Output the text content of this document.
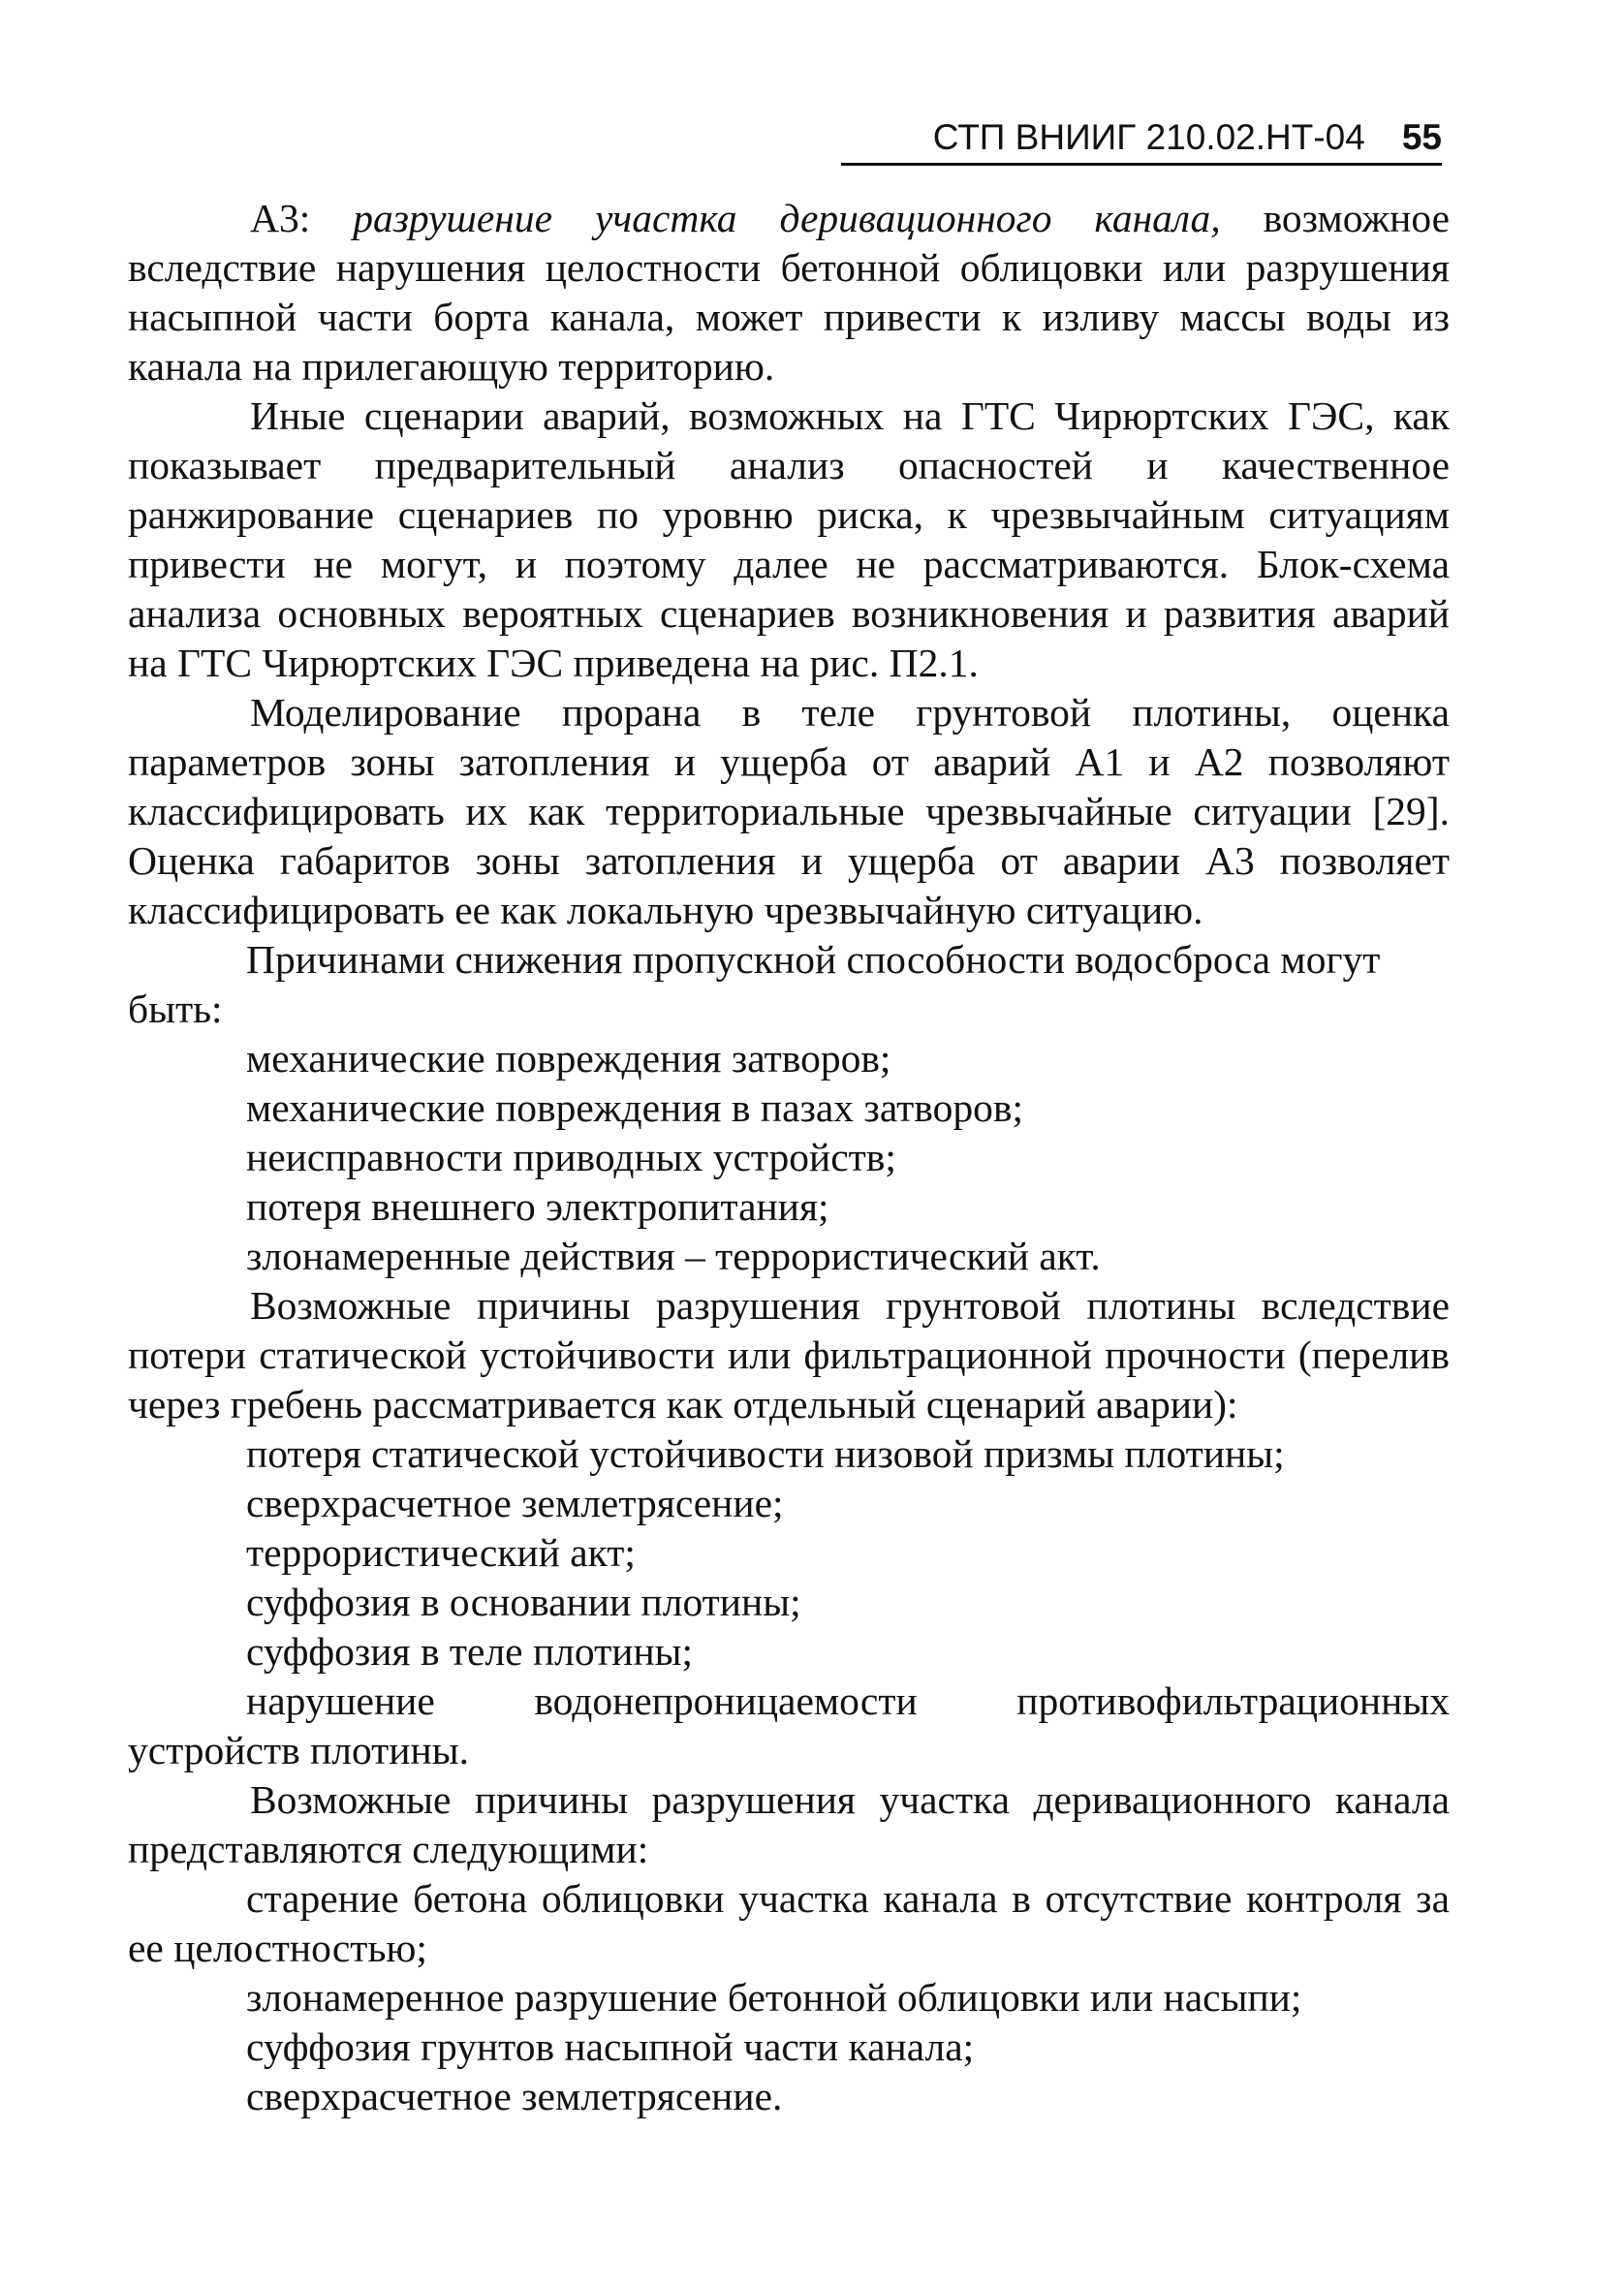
СТП ВНИИГ 210.02.НТ-04 55

А3: разрушение участка деривационного канала, возможное вследствие нарушения целостности бетонной облицовки или разрушения насыпной части борта канала, может привести к изливу массы воды из канала на прилегающую территорию.

Иные сценарии аварий, возможных на ГТС Чирюртских ГЭС, как показывает предварительный анализ опасностей и качественное ранжирование сценариев по уровню риска, к чрезвычайным ситуациям привести не могут, и поэтому далее не рассматриваются. Блок-схема анализа основных вероятных сценариев возникновения и развития аварий на ГТС Чирюртских ГЭС приведена на рис. П2.1.

Моделирование прорана в теле грунтовой плотины, оценка параметров зоны затопления и ущерба от аварий А1 и А2 позволяют классифицировать их как территориальные чрезвычайные ситуации [29]. Оценка габаритов зоны затопления и ущерба от аварии А3 позволяет классифицировать ее как локальную чрезвычайную ситуацию.

Причинами снижения пропускной способности водосброса могут быть:

механические повреждения затворов;

механические повреждения в пазах затворов;

неисправности приводных устройств;

потеря внешнего электропитания;

злонамеренные действия – террористический акт.

Возможные причины разрушения грунтовой плотины вследствие потери статической устойчивости или фильтрационной прочности (перелив через гребень рассматривается как отдельный сценарий аварии):

потеря статической устойчивости низовой призмы плотины;

сверхрасчетное землетрясение;

террористический акт;

суффозия в основании плотины;

суффозия в теле плотины;

нарушение водонепроницаемости противофильтрационных устройств плотины.

Возможные причины разрушения участка деривационного канала представляются следующими:

старение бетона облицовки участка канала в отсутствие контроля за ее целостностью;

злонамеренное разрушение бетонной облицовки или насыпи;

суффозия грунтов насыпной части канала;

сверхрасчетное землетрясение.
